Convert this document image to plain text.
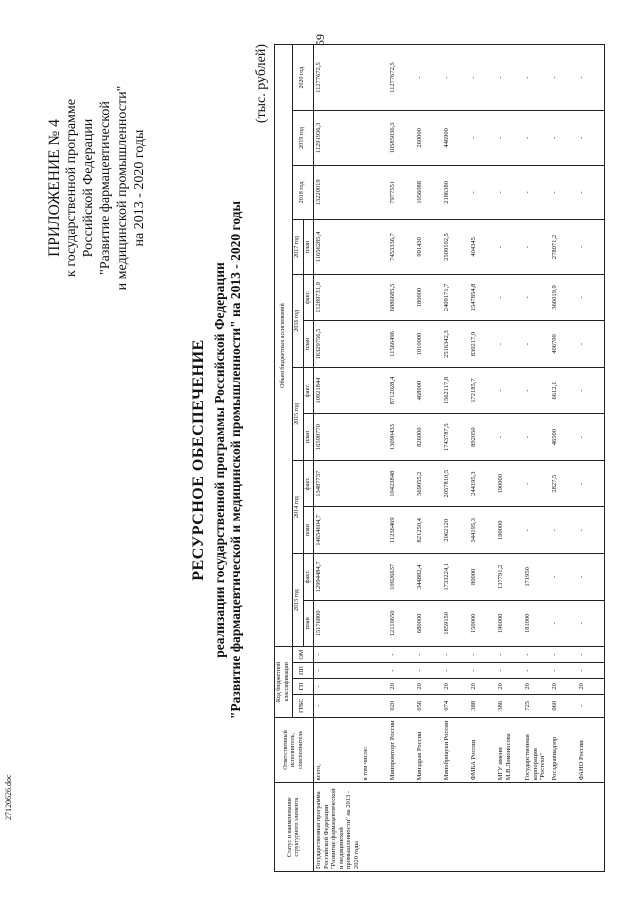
59
ПРИЛОЖЕНИЕ № 4 к государственной программе Российской Федерации "Развитие фармацевтической и медицинской промышленности" на 2013 - 2020 годы
РЕСУРСНОЕ ОБЕСПЕЧЕНИЕ реализации государственной программы Российской Федерации "Развитие фармацевтической и медицинской промышленности" на 2013 - 2020 годы
(тыс. рублей)
Статус и наименование структурного элемента	Ответственный исполнитель, соисполнитель	Код бюджетной классификации				Объем бюджетных ассигнований											
		ГРБС	ГП	ПП	ОМ	2013 год		2014 год		2015 год		2016 год		2017 год	2018 год	2019 год	2020 год
						план	факт.	план	факт.	план	факт.	план	факт.	план			
Государственная программа Российской Федерации "Развитие фармацевтической и медицинской промышленности" на 2013 - 2020 годы	всего,	-	-	-	-	15176800	12994484,7	14654604,7	13487737	16598770	10921844	16329756,5	11289731,9	11656285,4	13220019	11291936,3	11277672,5
	в том числе:																
	Минпромторг России	020	20	-	-	12110650	10926637	11236469	10423848	13090433	8712028,4	11566496	6886685,5	7453336,7	7977551	10585036,3	11277672,5
	Минздрав России	056	20	-	-	680000	344882,4	821250,4	569055,2	826000	468900	1010000	180000	991430	1056088	260000	-
	Минобрнауки России	074	20	-	-	1859150	1733224,1	2062120	2057810,5	1743787,5	1562117,8	2516342,3	2409171,7	2509102,5	2186380	446900	-
	ФМБА России	388	20	-	-	150000	80000	344195,3	244195,3	892050	172185,7	830217,9	1547854,8	404345	-	-	-
	МГУ имени М.В.Ломоносова	386	20	-	-	196000	137791,2	190000	190000	-	-	-	-	-	-	-	-
	Государственная корпорация "Ростехн"	725	20	-	-	181000	171950	-	-	-	-	-	-	-	-	-	-
	Росздравнадзор	060	20	-	-	-	-	-	2827,5	46500	6612,1	406700	366019,9	278071,2	-	-	-
	ФАНО России	-	20	-	-	-	-	-	-	-	-	-	-	-	-	-	-
27120626.doc
